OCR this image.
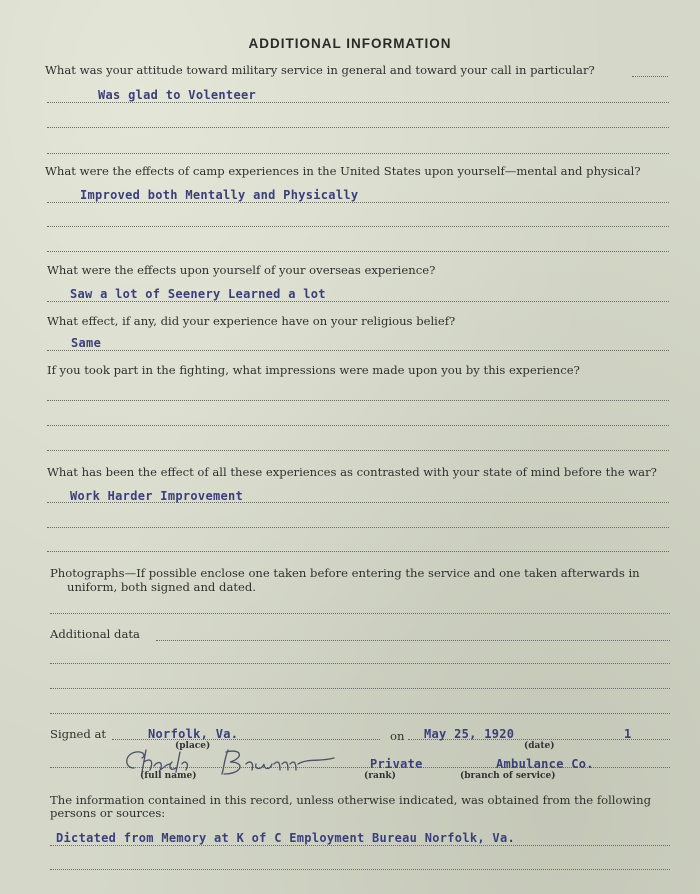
ADDITIONAL INFORMATION
What was your attitude toward military service in general and toward your call in particular?
Was glad to Volenteer
What were the effects of camp experiences in the United States upon yourself—mental and physical?
Improved both Mentally and Physically
What were the effects upon yourself of your overseas experience?
Saw a lot of Seenery Learned a lot
What effect, if any, did your experience have on your religious belief?
Same
If you took part in the fighting, what impressions were made upon you by this experience?
What has been the effect of all these experiences as contrasted with your state of mind before the war?
Work Harder Improvement
Photographs—If possible enclose one taken before entering the service and one taken afterwards in
uniform, both signed and dated.
Additional data
Signed at	Norfolk, Va.
(place)
on May 25, 1920	1
(date)
(full name)
Private
(rank)
Ambulance Co.
(branch of service)
The information contained in this record, unless otherwise indicated, was obtained from the following
persons or sources:
Dictated from Memory at K of C Employment Bureau Norfolk, Va.
